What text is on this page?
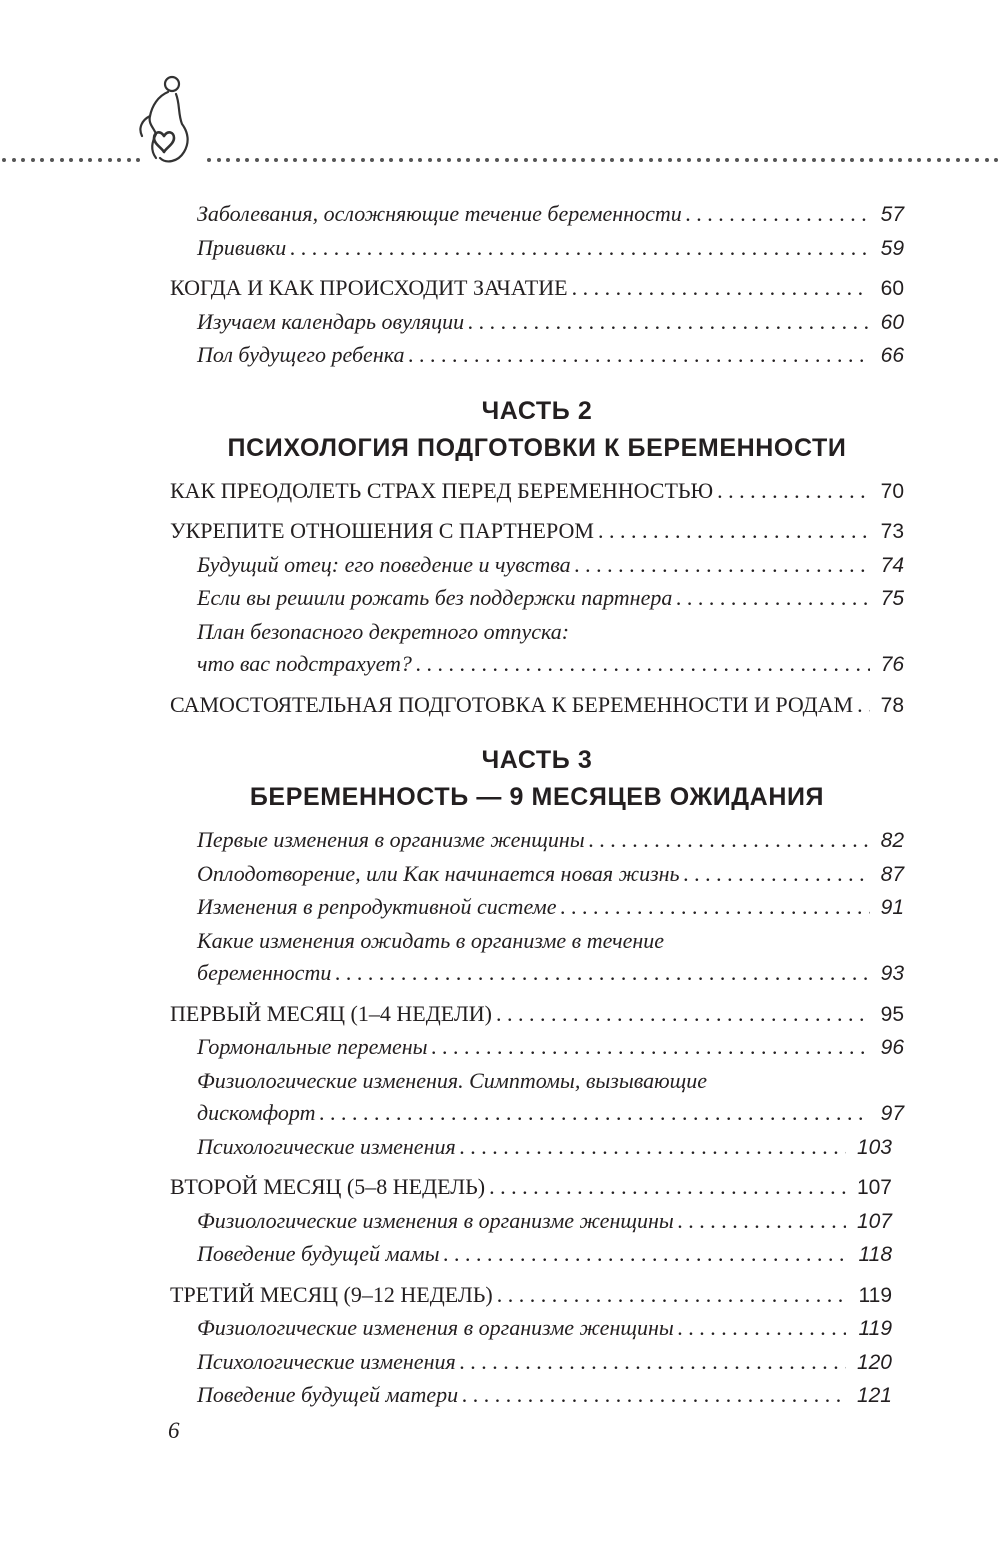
Заболевания, осложняющие течение беременности . . .	57
Прививки . . .	59
КОГДА И КАК ПРОИСХОДИТ ЗАЧАТИЕ . . .	60
Изучаем календарь овуляции . . .	60
Пол будущего ребенка . . .	66
ЧАСТЬ 2
ПСИХОЛОГИЯ ПОДГОТОВКИ К БЕРЕМЕННОСТИ
КАК ПРЕОДОЛЕТЬ СТРАХ ПЕРЕД БЕРЕМЕННОСТЬЮ . . .	70
УКРЕПИТЕ ОТНОШЕНИЯ С ПАРТНЕРОМ . . .	73
Будущий отец: его поведение и чувства . . .	74
Если вы решили рожать без поддержки партнера . . .	75
План безопасного декретного отпуска:
что вас подстрахует? . . .	76
САМОСТОЯТЕЛЬНАЯ ПОДГОТОВКА К БЕРЕМЕННОСТИ И РОДАМ . . .	78
ЧАСТЬ 3
БЕРЕМЕННОСТЬ — 9 МЕСЯЦЕВ ОЖИДАНИЯ
Первые изменения в организме женщины . . .	82
Оплодотворение, или Как начинается новая жизнь . . .	87
Изменения в репродуктивной системе . . .	91
Какие изменения ожидать в организме в течение
беременности . . .	93
ПЕРВЫЙ МЕСЯЦ (1–4 НЕДЕЛИ) . . .	95
Гормональные перемены . . .	96
Физиологические изменения. Симптомы, вызывающие
дискомфорт . . .	97
Психологические изменения . . .	103
ВТОРОЙ МЕСЯЦ (5–8 НЕДЕЛЬ) . . .	107
Физиологические изменения в организме женщины . . .	107
Поведение будущей мамы . . .	118
ТРЕТИЙ МЕСЯЦ (9–12 НЕДЕЛЬ) . . .	119
Физиологические изменения в организме женщины . . .	119
Психологические изменения . . .	120
Поведение будущей матери . . .	121
6
